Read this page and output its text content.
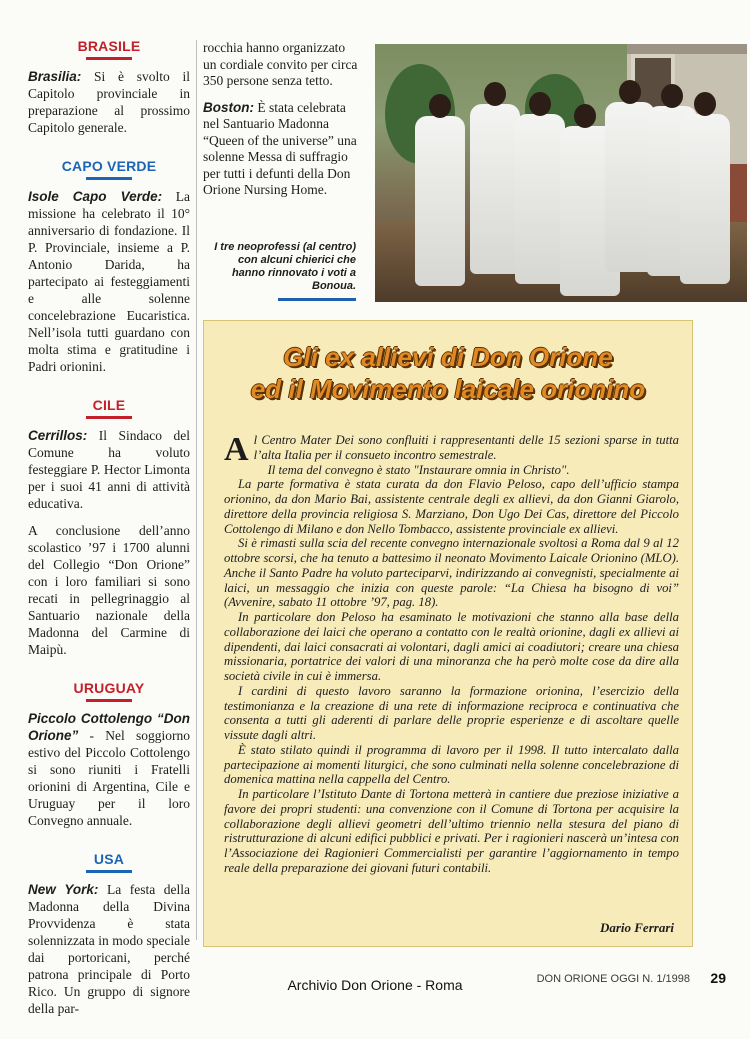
BRASILE

Brasilia: Si è svolto il Capitolo provinciale in preparazione al prossimo Capitolo generale.

CAPO VERDE

Isole Capo Verde: La missione ha celebrato il 10° anniversario di fondazione. Il P. Provinciale, insieme a P. Antonio Darida, ha partecipato ai festeggiamenti e alle solenne concelebrazione Eucaristica. Nell’isola tutti guardano con molta stima e gratitudine i Padri orionini.

CILE

Cerrillos: Il Sindaco del Comune ha voluto festeggiare P. Hector Limonta per i suoi 41 anni di attività educativa.

A conclusione dell’anno scolastico ’97 i 1700 alunni del Collegio “Don Orione” con i loro familiari si sono recati in pellegrinaggio al Santuario nazionale della Madonna del Carmine di Maipù.

URUGUAY

Piccolo Cottolengo “Don Orione” - Nel soggiorno estivo del Piccolo Cottolengo si sono riuniti i Fratelli orionini di Argentina, Cile e Uruguay per il loro Convegno annuale.

USA

New York: La festa della Madonna della Divina Provvidenza è stata solennizzata in modo speciale dai portoricani, perché patrona principale di Porto Rico. Un gruppo di signore della par-

rocchia hanno organizzato un cordiale convito per circa 350 persone senza tetto.

Boston: È stata celebrata nel Santuario Madonna “Queen of the universe” una solenne Messa di suffragio per tutti i defunti della Don Orione Nursing Home.

I tre neoprofessi (al centro) con alcuni chierici che hanno rinnovato i voti a Bonoua.
Gli ex allievi di Don Orione
ed il Movimento laicale orionino

Al Centro Mater Dei sono confluiti i rappresentanti delle 15 sezioni sparse in tutta l’alta Italia per il consueto incontro semestrale.

Il tema del convegno è stato "Instaurare omnia in Christo".

La parte formativa è stata curata da don Flavio Peloso, capo dell’ufficio stampa orionino, da don Mario Bai, assistente centrale degli ex allievi, da don Gianni Giarolo, direttore della provincia religiosa S. Marziano, Don Ugo Dei Cas, direttore del Piccolo Cottolengo di Milano e don Nello Tombacco, assistente provinciale ex allievi.

Si è rimasti sulla scia del recente convegno internazionale svoltosi a Roma dal 9 al 12 ottobre scorsi, che ha tenuto a battesimo il neonato Movimento Laicale Orionino (MLO). Anche il Santo Padre ha voluto parteciparvi, indirizzando ai convegnisti, specialmente ai laici, un messaggio che inizia con queste parole: “La Chiesa ha bisogno di voi” (Avvenire, sabato 11 ottobre ’97, pag. 18).

In particolare don Peloso ha esaminato le motivazioni che stanno alla base della collaborazione dei laici che operano a contatto con le realtà orionine, dagli ex allievi ai dipendenti, dai laici consacrati ai volontari, dagli amici ai coadiutori; creare una chiesa missionaria, portatrice dei valori di una minoranza che ha però molte cose da dire alla società civile in cui è immersa.

I cardini di questo lavoro saranno la formazione orionina, l’esercizio della testimonianza e la creazione di una rete di informazione reciproca e continuativa che consenta a tutti gli aderenti di parlare delle proprie esperienze e di ascoltare quelle vissute dagli altri.

È stato stilato quindi il programma di lavoro per il 1998. Il tutto intercalato dalla partecipazione ai momenti liturgici, che sono culminati nella solenne concelebrazione di domenica mattina nella cappella del Centro.

In particolare l’Istituto Dante di Tortona metterà in cantiere due preziose iniziative a favore dei propri studenti: una convenzione con il Comune di Tortona per acquisire la collaborazione degli allievi geometri dell’ultimo triennio nella stesura del piano di ristrutturazione di alcuni edifici pubblici e privati. Per i ragionieri nascerà un’intesa con l’Associazione dei Ragionieri Commercialisti per garantire l’aggiornamento in tempo reale della preparazione dei giovani futuri contabili.

Dario Ferrari
Archivio Don Orione - Roma	DON ORIONE OGGI N. 1/1998 29
